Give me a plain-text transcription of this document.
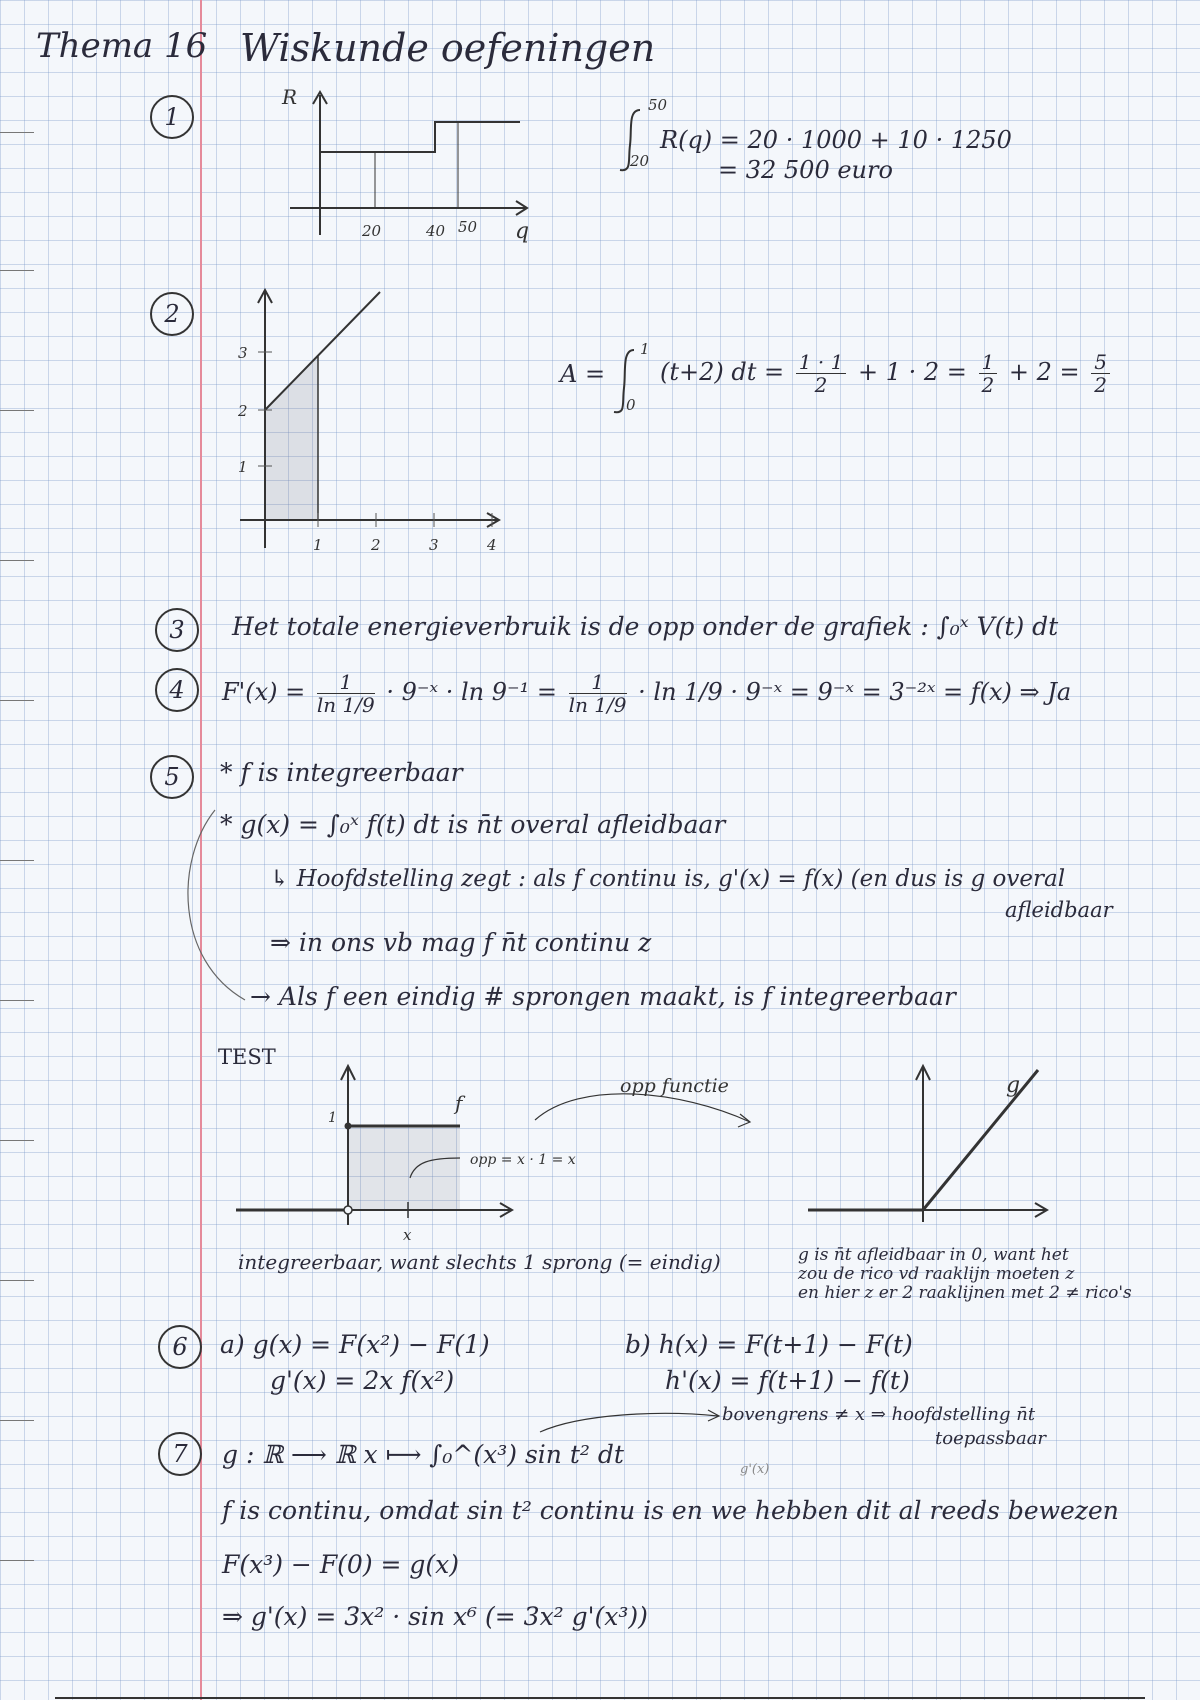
Thema 16 Wiskunde oefeningen
1
2
3
4
5
6
7
R
q
20	40 50
50
20
R(q) = 20 · 1000 + 10 · 1250
= 32 500 euro
1	2	3	4
1
2
3	1
0
A = (t+2) dt = $\frac{1 \cdot 1}{2} + 1 \cdot 2 = \frac{1}{2} + 2 = \frac{5}{2}$
Het totale energieverbruik is de opp onder de grafiek : ∫₀ˣ V(t) dt
$F'(x) = \frac{1}{\ln 1/9}$ · 9⁻ˣ · $\ln 9^{-1} = \frac{1}{\ln 1/9} \cdot \ln 1/9$ · 9⁻ˣ = 9⁻ˣ = 3⁻²ˣ = f(x) ⇒ Ja
* f is integreerbaar
* g(x) = ∫₀ˣ f(t) dt is n̄t overal afleidbaar
↳ Hoofdstelling zegt : als f continu is, g'(x) = f(x) (en dus is g overal
afleidbaar
⇒ in ons vb mag f n̄t continu z
→ Als f een eindig # sprongen maakt, is f integreerbaar
TEST
f
1
opp = x · 1 = x
x
opp functie	g
integreerbaar, want slechts 1 sprong (= eindig)	g is n̄t afleidbaar in 0, want het
zou de rico vd raaklijn moeten z
en hier z er 2 raaklijnen met 2 ≠ rico's
a) g(x) = F(x²) − F(1)
g'(x) = 2x f(x²)
b) h(x) = F(t+1) − F(t)
h'(x) = f(t+1) − f(t)
g : ℝ ⟶ ℝ x ⟼ ∫₀^(x³) sin t² dt
bovengrens ≠ x ⇒ hoofdstelling n̄t
toepassbaar
g'(x)
f is continu, omdat sin t² continu is en we hebben dit al reeds bewezen
F(x³) − F(0) = g(x)
⇒ g'(x) = 3x² · sin x⁶ (= 3x² g'(x³))
